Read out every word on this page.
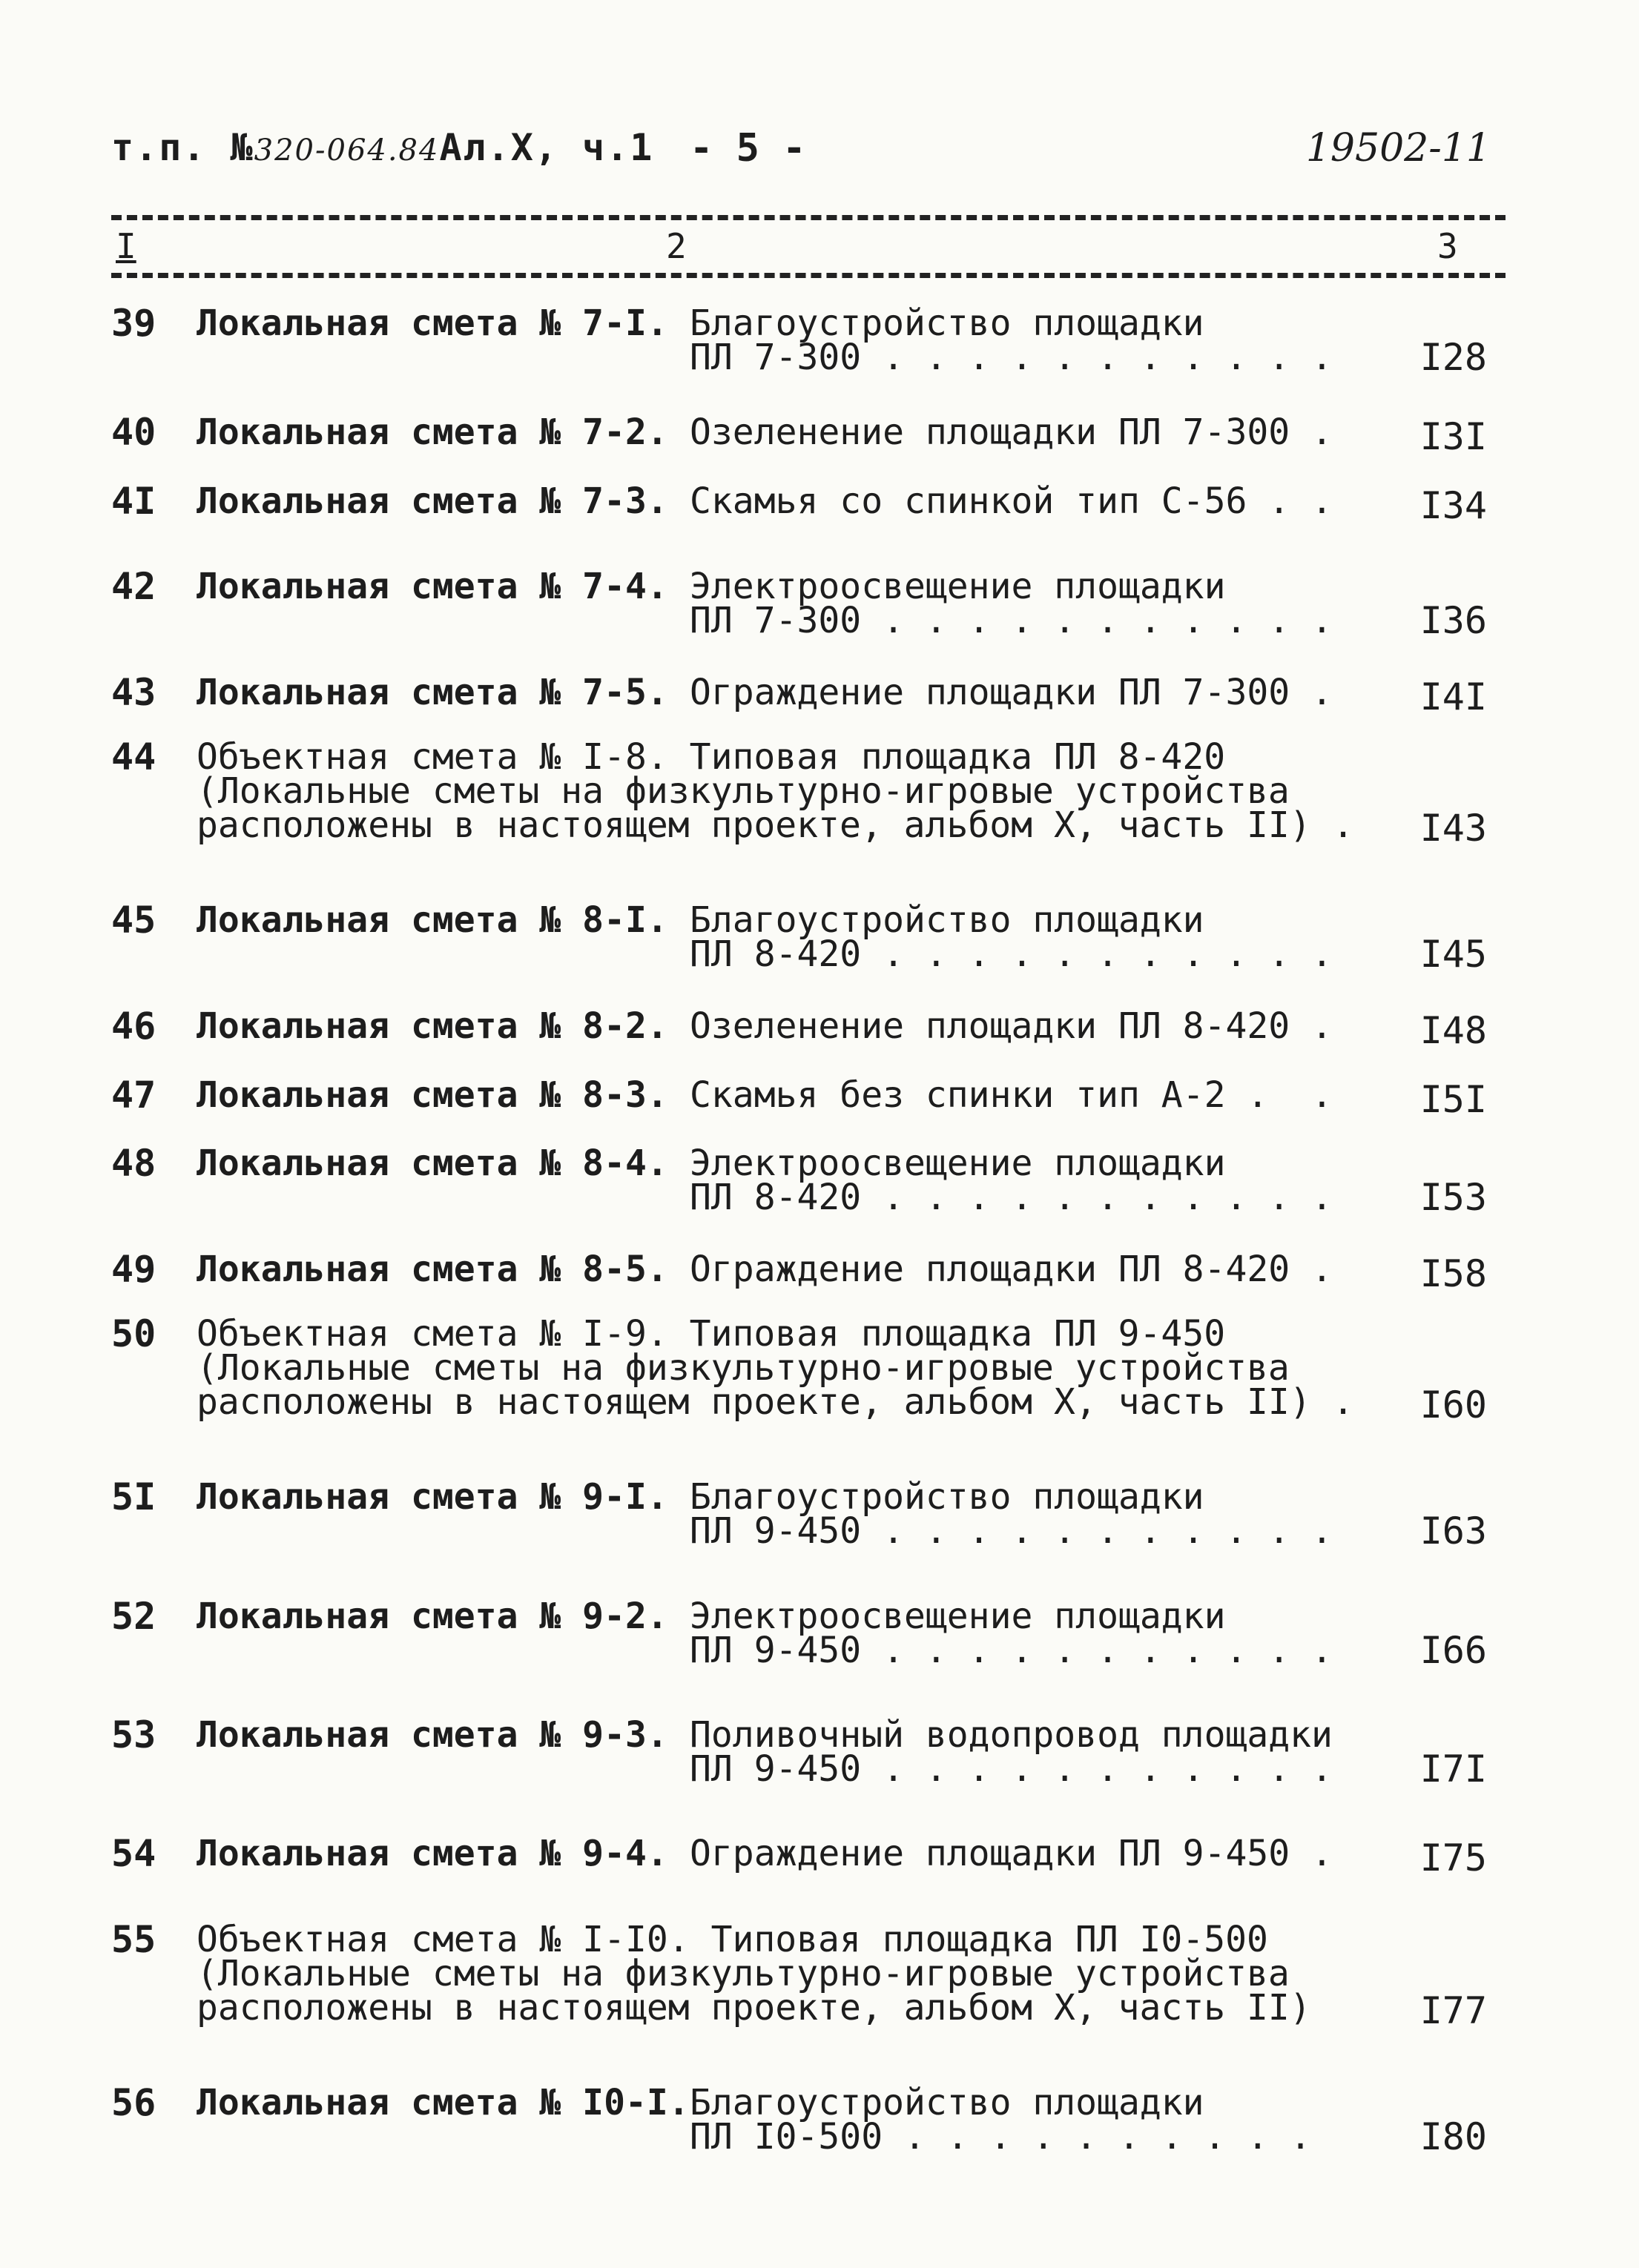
т.п. №320-064.84Ал.X, ч.1 - 5 -	19502-11
I	2	3
39	Локальная смета № 7-I. Благоустройство площадки
ПЛ 7-300 . . . . . . . . . . . I28
40	Локальная смета № 7-2. Озеленение площадки ПЛ 7-300 . I3I
4I	Локальная смета № 7-3. Скамья со спинкой тип С-56 . . I34
42	Локальная смета № 7-4. Электроосвещение площадки
ПЛ 7-300 . . . . . . . . . . . I36
43	Локальная смета № 7-5. Ограждение площадки ПЛ 7-300 . I4I
44	Объектная смета № I-8. Типовая площадка ПЛ 8-420
(Локальные сметы на физкультурно-игровые устройства
расположены в настоящем проекте, альбом X, часть II) . I43
45	Локальная смета № 8-I. Благоустройство площадки
ПЛ 8-420 . . . . . . . . . . . I45
46	Локальная смета № 8-2. Озеленение площадки ПЛ 8-420 . I48
47	Локальная смета № 8-3. Скамья без спинки тип А-2 .  . I5I
48	Локальная смета № 8-4. Электроосвещение площадки
ПЛ 8-420 . . . . . . . . . . . I53
49	Локальная смета № 8-5. Ограждение площадки ПЛ 8-420 . I58
50	Объектная смета № I-9. Типовая площадка ПЛ 9-450
(Локальные сметы на физкультурно-игровые устройства
расположены в настоящем проекте, альбом X, часть II) . I60
5I	Локальная смета № 9-I. Благоустройство площадки
ПЛ 9-450 . . . . . . . . . . . I63
52	Локальная смета № 9-2. Электроосвещение площадки
ПЛ 9-450 . . . . . . . . . . . I66
53	Локальная смета № 9-3. Поливочный водопровод площадки
ПЛ 9-450 . . . . . . . . . . . I7I
54	Локальная смета № 9-4. Ограждение площадки ПЛ 9-450 . I75
55	Объектная смета № I-I0. Типовая площадка ПЛ I0-500
(Локальные сметы на физкультурно-игровые устройства
расположены в настоящем проекте, альбом X, часть II)	I77
56	Локальная смета № I0-I. Благоустройство площадки
ПЛ I0-500 . . . . . . . . . .	I80
